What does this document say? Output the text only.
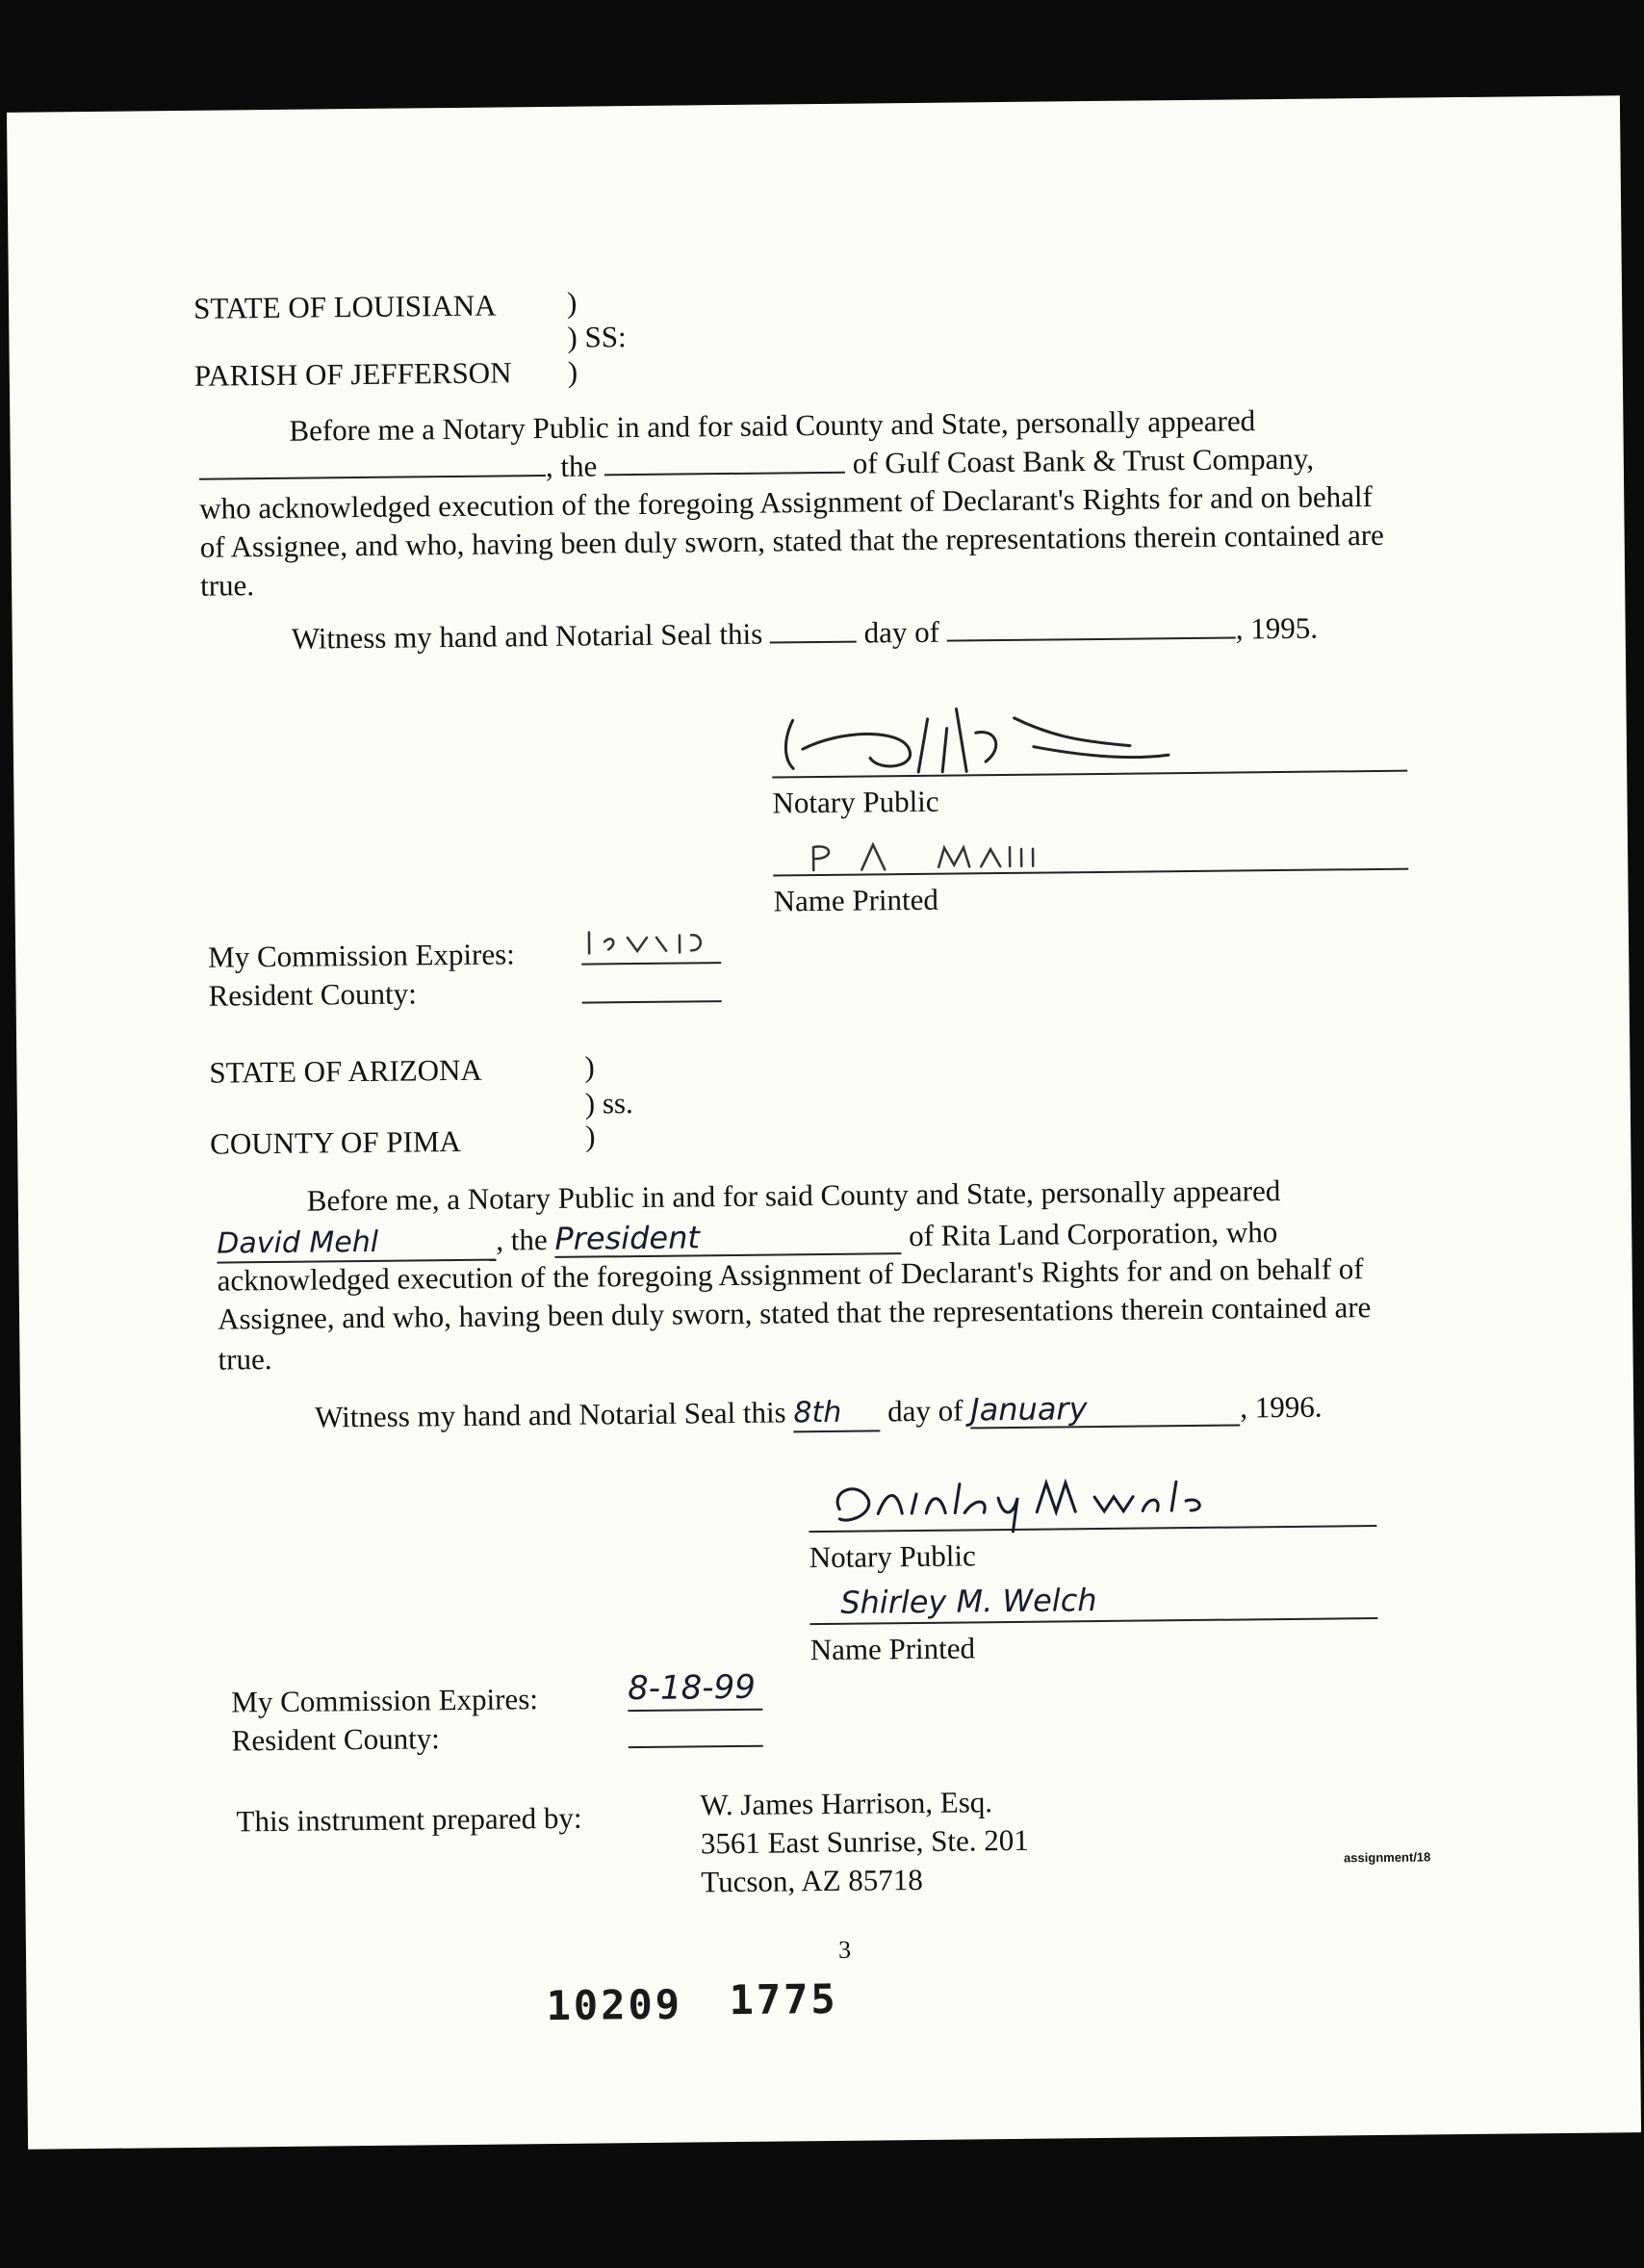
STATE OF LOUISIANA )
) SS:
PARISH OF JEFFERSON )
Before me a Notary Public in and for said County and State, personally appeared
, the	of Gulf Coast Bank & Trust Company,
who acknowledged execution of the foregoing Assignment of Declarant's Rights for and on behalf
of Assignee, and who, having been duly sworn, stated that the representations therein contained are
true.
Witness my hand and Notarial Seal this	day of	, 1995.
Notary Public
Name Printed
My Commission Expires:
Resident County:
STATE OF ARIZONA	)
) ss.
COUNTY OF PIMA	)
Before me, a Notary Public in and for said County and State, personally appeared
David Mehl	, the President	of Rita Land Corporation, who
acknowledged execution of the foregoing Assignment of Declarant's Rights for and on behalf of
Assignee, and who, having been duly sworn, stated that the representations therein contained are
true.
Witness my hand and Notarial Seal this 8th day of January	, 1996.
Notary Public
Shirley M. Welch
Name Printed
My Commission Expires:	8-18-99
Resident County:
This instrument prepared by:	W. James Harrison, Esq.
3561 East Sunrise, Ste. 201
Tucson, AZ 85718
assignment/18
3
10209 1775
